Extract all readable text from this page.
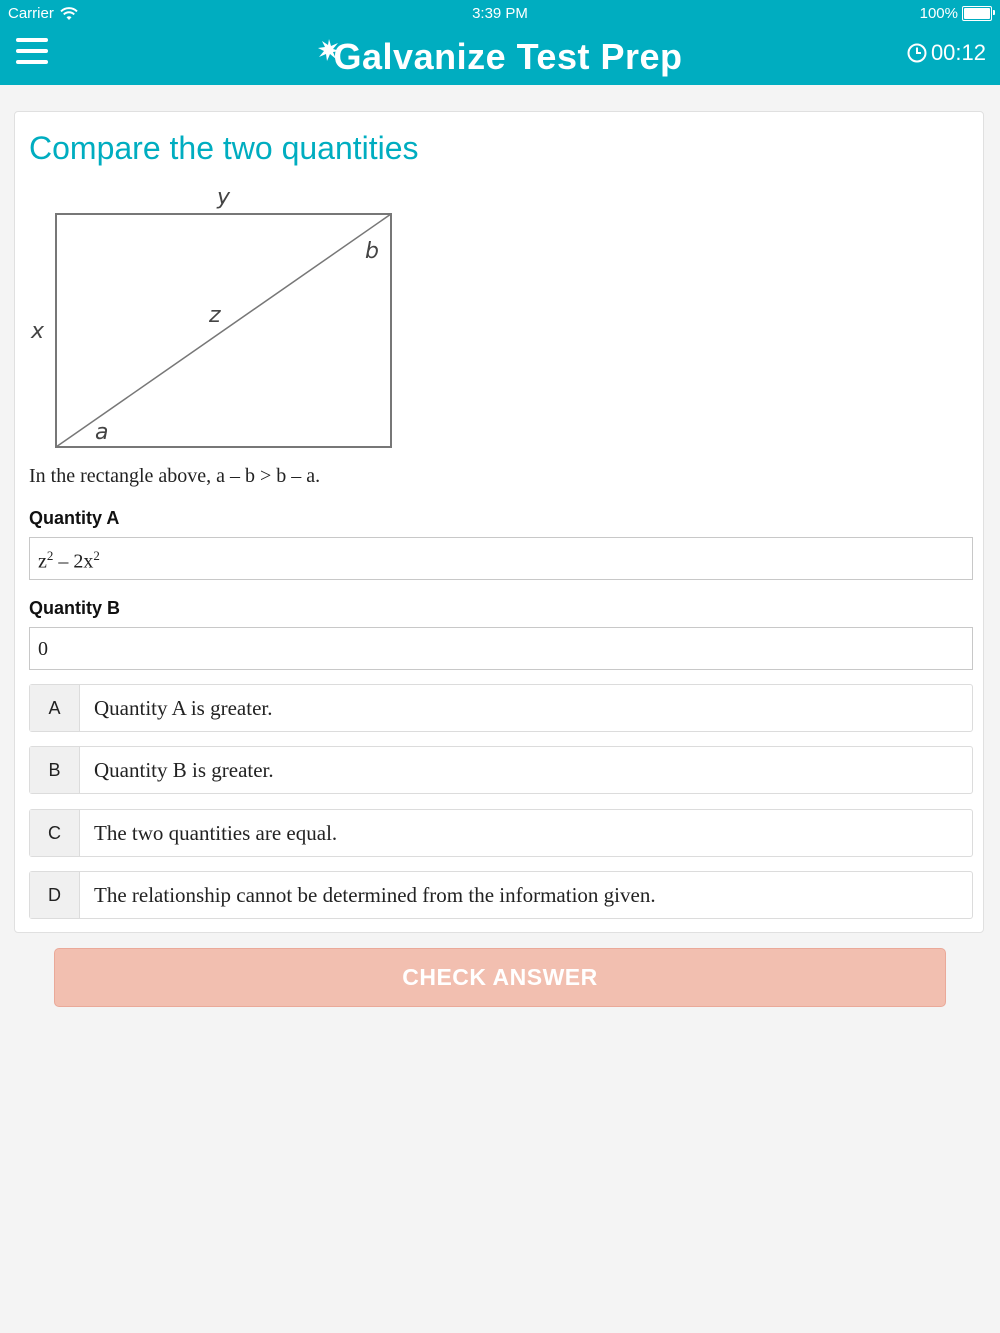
Carrier	3:39 PM	100%
Galvanize Test Prep	00:12
Compare the two quantities
y
x
z
b
a
In the rectangle above, a – b > b – a.
Quantity A
$z^2 - 2x^2$
Quantity B
0
A	Quantity A is greater.
B	Quantity B is greater.
C	The two quantities are equal.
D	The relationship cannot be determined from the information given.
CHECK ANSWER
